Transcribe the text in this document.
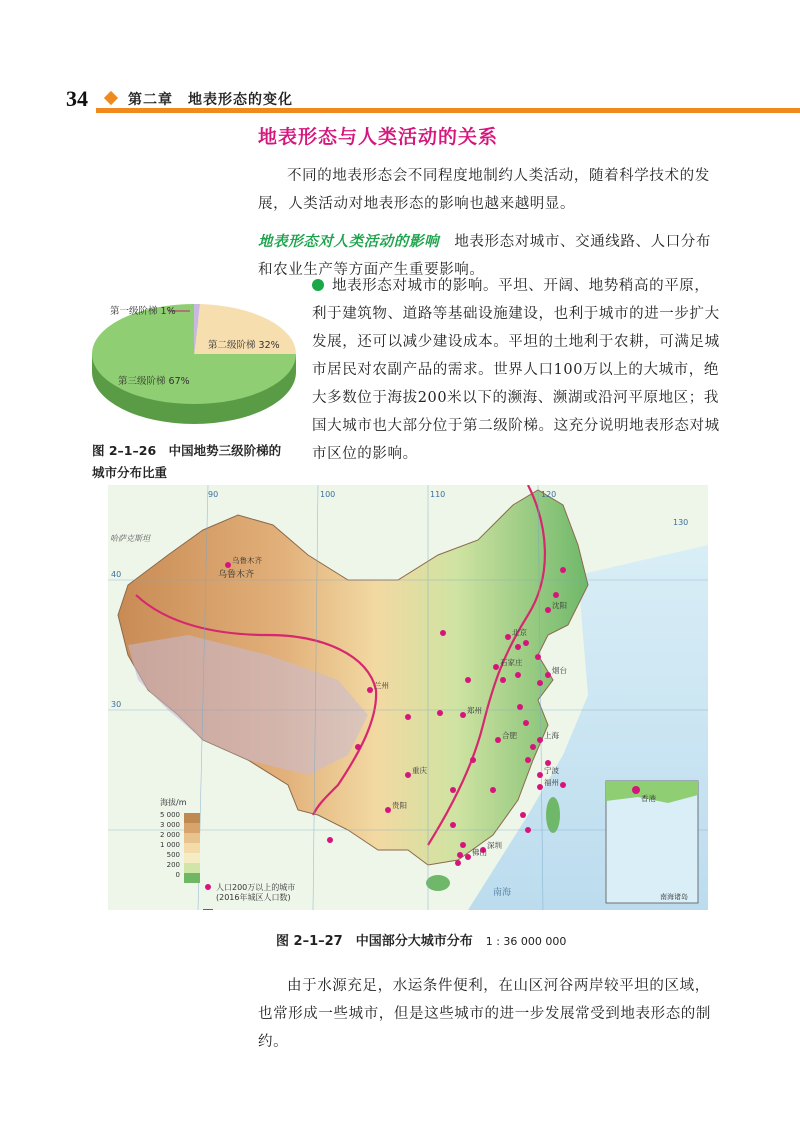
34	第二章　地表形态的变化
地表形态与人类活动的关系
不同的地表形态会不同程度地制约人类活动，随着科学技术的发展，人类活动对地表形态的影响也越来越明显。
地表形态对人类活动的影响　 地表形态对城市、交通线路、人口分布和农业生产等方面产生重要影响。
地表形态对城市的影响。平坦、开阔、地势稍高的平原，利于建筑物、道路等基础设施建设，也利于城市的进一步扩大发展，还可以减少建设成本。平坦的土地利于农耕，可满足城市居民对农副产品的需求。世界人口100万以上的大城市，绝大多数位于海拔200米以下的濒海、濒湖或沿河平原地区；我国大城市也大部分位于第二级阶梯。这充分说明地表形态对城市区位的影响。
第一级阶梯 1%
第二级阶梯 32%
第三级阶梯 67%
图 2–1–26　中国地势三级阶梯的
城市分布比重
乌鲁木齐
沈阳
北京
石家庄
烟台
兰州
郑州
上海
合肥
重庆
贵阳
福州
深圳
佛山
宁波
乌鲁木齐
哈萨克斯坦
南海
90	100	110	120
130
40
30
海拔/m
5 000
3 000
2 000
1 000
500
200
0
人口200万以上的城市
(2016年城区人口数)
香港
南海诸岛
图 2–1–27　中国部分大城市分布　 1 : 36 000 000
由于水源充足，水运条件便利，在山区河谷两岸较平坦的区域，也常形成一些城市，但是这些城市的进一步发展常受到地表形态的制约。
